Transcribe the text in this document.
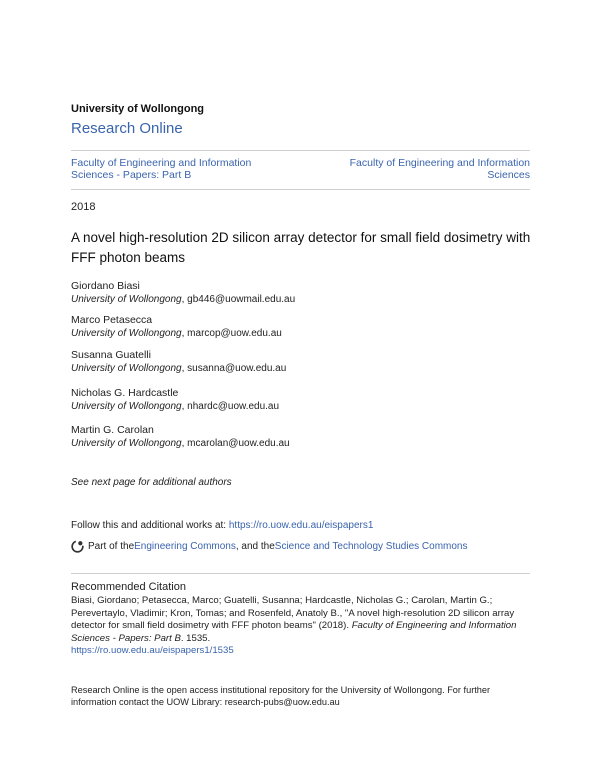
University of Wollongong
Research Online
Faculty of Engineering and Information Sciences - Papers: Part B
Faculty of Engineering and Information Sciences
2018
A novel high-resolution 2D silicon array detector for small field dosimetry with FFF photon beams
Giordano Biasi
University of Wollongong, gb446@uowmail.edu.au
Marco Petasecca
University of Wollongong, marcop@uow.edu.au
Susanna Guatelli
University of Wollongong, susanna@uow.edu.au
Nicholas G. Hardcastle
University of Wollongong, nhardc@uow.edu.au
Martin G. Carolan
University of Wollongong, mcarolan@uow.edu.au
See next page for additional authors
Follow this and additional works at: https://ro.uow.edu.au/eispapers1
Part of the Engineering Commons , and the Science and Technology Studies Commons
Recommended Citation
Biasi, Giordano; Petasecca, Marco; Guatelli, Susanna; Hardcastle, Nicholas G.; Carolan, Martin G.; Perevertaylo, Vladimir; Kron, Tomas; and Rosenfeld, Anatoly B., "A novel high-resolution 2D silicon array detector for small field dosimetry with FFF photon beams" (2018). Faculty of Engineering and Information Sciences - Papers: Part B. 1535.
https://ro.uow.edu.au/eispapers1/1535
Research Online is the open access institutional repository for the University of Wollongong. For further information contact the UOW Library: research-pubs@uow.edu.au
